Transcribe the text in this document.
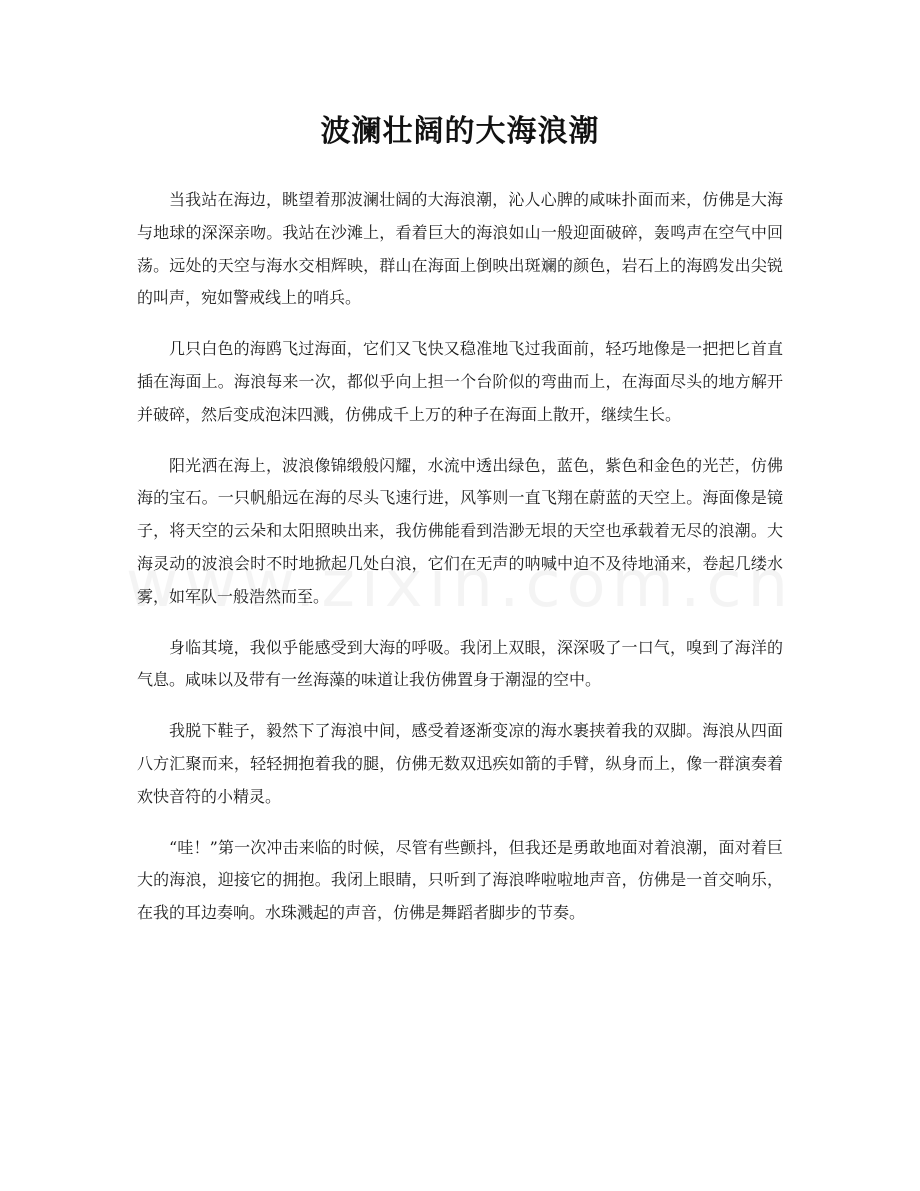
波澜壮阔的大海浪潮

当我站在海边，眺望着那波澜壮阔的大海浪潮，沁人心脾的咸味扑面而来，仿佛是大海与地球的深深亲吻。我站在沙滩上，看着巨大的海浪如山一般迎面破碎，轰鸣声在空气中回荡。远处的天空与海水交相辉映，群山在海面上倒映出斑斓的颜色，岩石上的海鸥发出尖锐的叫声，宛如警戒线上的哨兵。

几只白色的海鸥飞过海面，它们又飞快又稳准地飞过我面前，轻巧地像是一把把匕首直插在海面上。海浪每来一次，都似乎向上担一个台阶似的弯曲而上，在海面尽头的地方解开并破碎，然后变成泡沫四溅，仿佛成千上万的种子在海面上散开，继续生长。

阳光洒在海上，波浪像锦缎般闪耀，水流中透出绿色，蓝色，紫色和金色的光芒，仿佛海的宝石。一只帆船远在海的尽头飞速行进，风筝则一直飞翔在蔚蓝的天空上。海面像是镜子，将天空的云朵和太阳照映出来，我仿佛能看到浩渺无垠的天空也承载着无尽的浪潮。大海灵动的波浪会时不时地掀起几处白浪，它们在无声的呐喊中迫不及待地涌来，卷起几缕水雾，如军队一般浩然而至。

身临其境，我似乎能感受到大海的呼吸。我闭上双眼，深深吸了一口气，嗅到了海洋的气息。咸味以及带有一丝海藻的味道让我仿佛置身于潮湿的空中。

我脱下鞋子，毅然下了海浪中间，感受着逐渐变凉的海水裹挟着我的双脚。海浪从四面八方汇聚而来，轻轻拥抱着我的腿，仿佛无数双迅疾如箭的手臂，纵身而上，像一群演奏着欢快音符的小精灵。

“哇！”第一次冲击来临的时候，尽管有些颤抖，但我还是勇敢地面对着浪潮，面对着巨大的海浪，迎接它的拥抱。我闭上眼睛，只听到了海浪哗啦啦地声音，仿佛是一首交响乐，在我的耳边奏响。水珠溅起的声音，仿佛是舞蹈者脚步的节奏。
